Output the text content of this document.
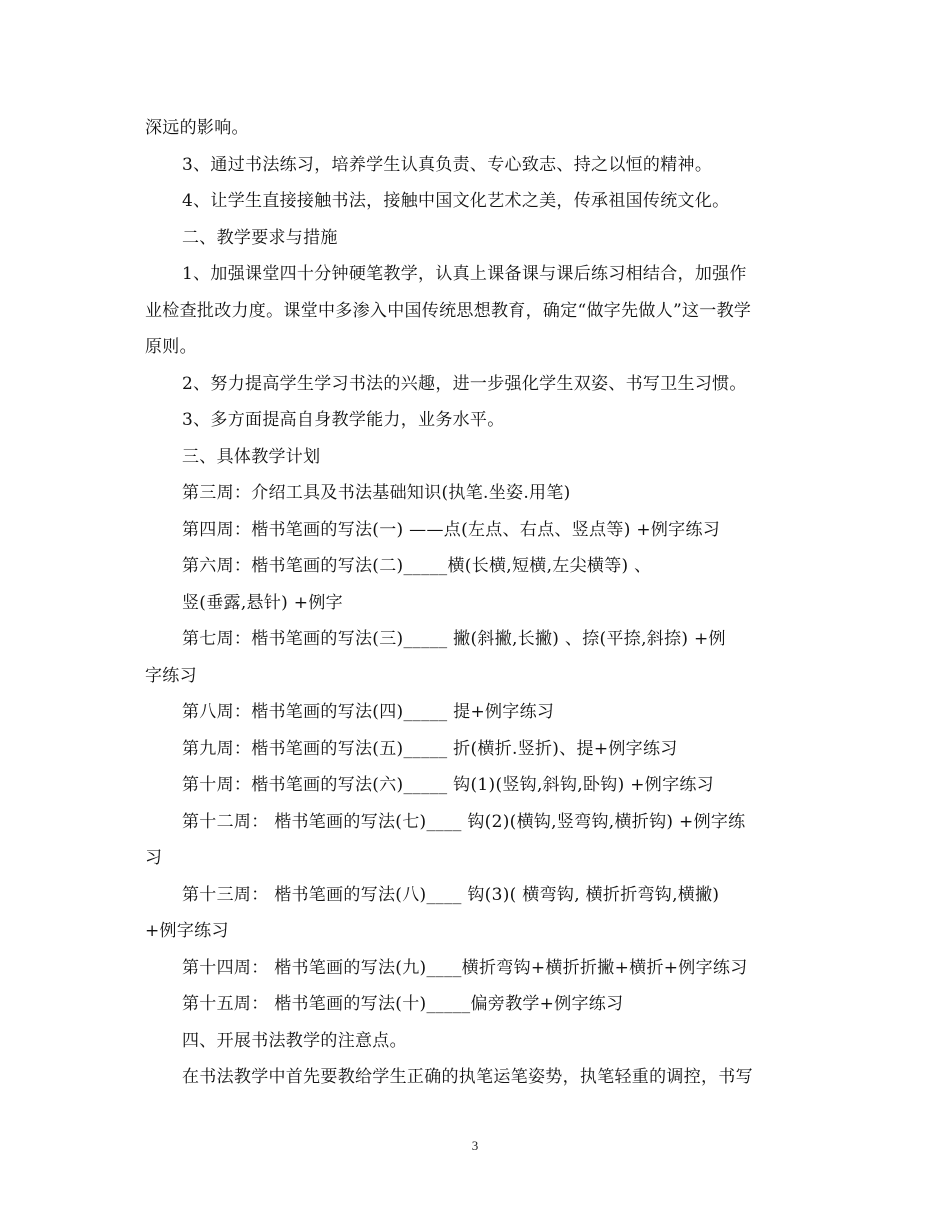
深远的影响。
3、通过书法练习，培养学生认真负责、专心致志、持之以恒的精神。
4、让学生直接接触书法，接触中国文化艺术之美，传承祖国传统文化。
二、教学要求与措施
1、加强课堂四十分钟硬笔教学，认真上课备课与课后练习相结合，加强作
业检查批改力度。课堂中多渗入中国传统思想教育，确定“做字先做人”这一教学
原则。
2、努力提高学生学习书法的兴趣，进一步强化学生双姿、书写卫生习惯。
3、多方面提高自身教学能力，业务水平。
三、具体教学计划
第三周：介绍工具及书法基础知识(执笔.坐姿.用笔)
第四周：楷书笔画的写法(一) ——点(左点、右点、竖点等) +例字练习
第六周：楷书笔画的写法(二)_____横(长横,短横,左尖横等) 、
竖(垂露,悬针) +例字
第七周：楷书笔画的写法(三)_____ 撇(斜撇,长撇) 、捺(平捺,斜捺) +例
字练习
第八周：楷书笔画的写法(四)_____ 提+例字练习
第九周：楷书笔画的写法(五)_____ 折(横折.竖折)、提+例字练习
第十周：楷书笔画的写法(六)_____ 钩(1)(竖钩,斜钩,卧钩) +例字练习
第十二周： 楷书笔画的写法(七)____ 钩(2)(横钩,竖弯钩,横折钩) +例字练
习
第十三周： 楷书笔画的写法(八)____ 钩(3)( 横弯钩, 横折折弯钩,横撇)
+例字练习
第十四周： 楷书笔画的写法(九)____横折弯钩+横折折撇+横折+例字练习
第十五周： 楷书笔画的写法(十)_____偏旁教学+例字练习
四、开展书法教学的注意点。
在书法教学中首先要教给学生正确的执笔运笔姿势，执笔轻重的调控，书写
3
